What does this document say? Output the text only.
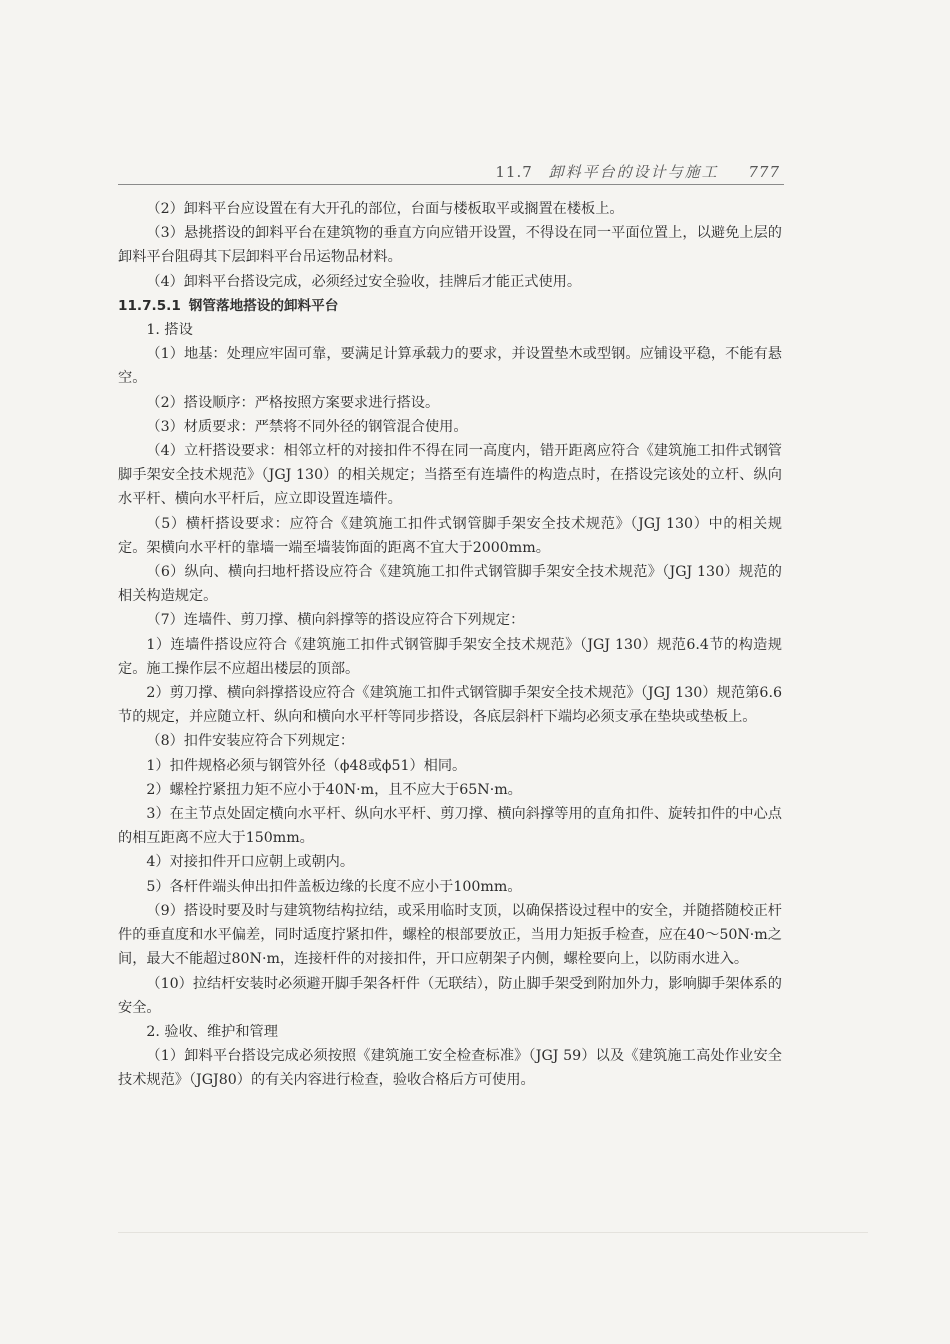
11.7 卸料平台的设计与施工 777

（2）卸料平台应设置在有大开孔的部位，台面与楼板取平或搁置在楼板上。

（3）悬挑搭设的卸料平台在建筑物的垂直方向应错开设置，不得设在同一平面位置上，以避免上层的卸料平台阻碍其下层卸料平台吊运物品材料。

（4）卸料平台搭设完成，必须经过安全验收，挂牌后才能正式使用。

11.7.5.1 钢管落地搭设的卸料平台

1. 搭设

（1）地基：处理应牢固可靠，要满足计算承载力的要求，并设置垫木或型钢。应铺设平稳，不能有悬空。

（2）搭设顺序：严格按照方案要求进行搭设。

（3）材质要求：严禁将不同外径的钢管混合使用。

（4）立杆搭设要求：相邻立杆的对接扣件不得在同一高度内，错开距离应符合《建筑施工扣件式钢管脚手架安全技术规范》（JGJ 130）的相关规定；当搭至有连墙件的构造点时，在搭设完该处的立杆、纵向水平杆、横向水平杆后，应立即设置连墙件。

（5）横杆搭设要求：应符合《建筑施工扣件式钢管脚手架安全技术规范》（JGJ 130）中的相关规定。架横向水平杆的靠墙一端至墙装饰面的距离不宜大于2000mm。

（6）纵向、横向扫地杆搭设应符合《建筑施工扣件式钢管脚手架安全技术规范》（JGJ 130）规范的相关构造规定。

（7）连墙件、剪刀撑、横向斜撑等的搭设应符合下列规定：

1）连墙件搭设应符合《建筑施工扣件式钢管脚手架安全技术规范》（JGJ 130）规范6.4节的构造规定。施工操作层不应超出楼层的顶部。

2）剪刀撑、横向斜撑搭设应符合《建筑施工扣件式钢管脚手架安全技术规范》（JGJ 130）规范第6.6节的规定，并应随立杆、纵向和横向水平杆等同步搭设，各底层斜杆下端均必须支承在垫块或垫板上。

（8）扣件安装应符合下列规定：

1）扣件规格必须与钢管外径（ϕ48或ϕ51）相同。

2）螺栓拧紧扭力矩不应小于40N·m，且不应大于65N·m。

3）在主节点处固定横向水平杆、纵向水平杆、剪刀撑、横向斜撑等用的直角扣件、旋转扣件的中心点的相互距离不应大于150mm。

4）对接扣件开口应朝上或朝内。

5）各杆件端头伸出扣件盖板边缘的长度不应小于100mm。

（9）搭设时要及时与建筑物结构拉结，或采用临时支顶，以确保搭设过程中的安全，并随搭随校正杆件的垂直度和水平偏差，同时适度拧紧扣件，螺栓的根部要放正，当用力矩扳手检查，应在40～50N·m之间，最大不能超过80N·m，连接杆件的对接扣件，开口应朝架子内侧，螺栓要向上，以防雨水进入。

（10）拉结杆安装时必须避开脚手架各杆件（无联结），防止脚手架受到附加外力，影响脚手架体系的安全。

2. 验收、维护和管理

（1）卸料平台搭设完成必须按照《建筑施工安全检查标准》（JGJ 59）以及《建筑施工高处作业安全技术规范》（JGJ80）的有关内容进行检查，验收合格后方可使用。
